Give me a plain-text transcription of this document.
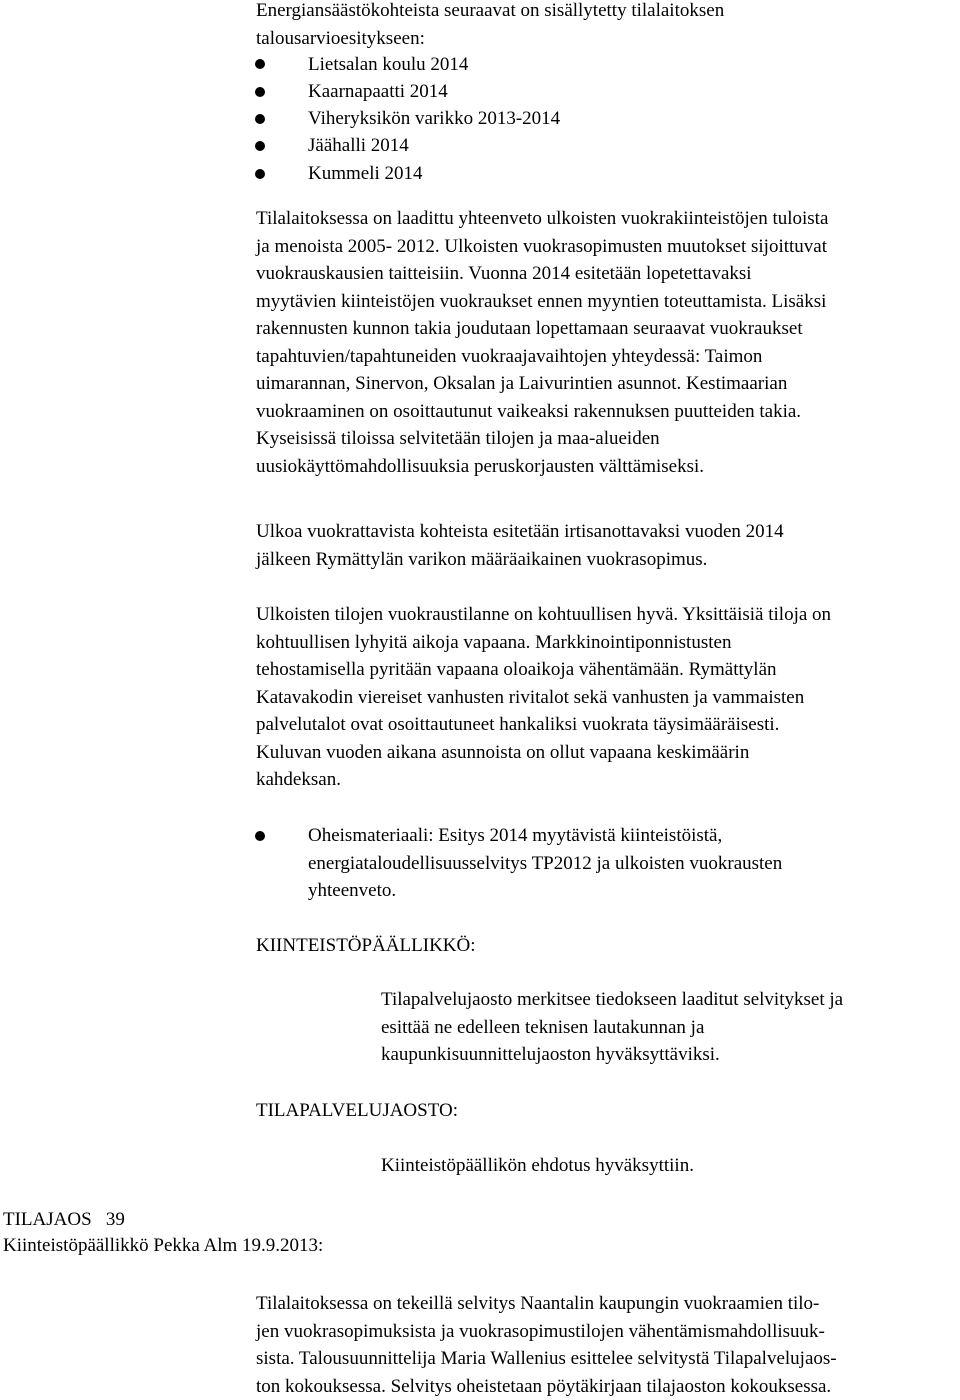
Energiansäästökohteista seuraavat on sisällytetty tilalaitoksen
talousarvioesitykseen:

Lietsalan koulu 2014

Kaarnapaatti 2014

Viheryksikön varikko 2013-2014

Jäähalli 2014

Kummeli 2014

Tilalaitoksessa on laadittu yhteenveto ulkoisten vuokrakiinteistöjen tuloista
ja menoista 2005- 2012. Ulkoisten vuokrasopimusten muutokset sijoittuvat
vuokrauskausien taitteisiin. Vuonna 2014 esitetään lopetettavaksi
myytävien kiinteistöjen vuokraukset ennen myyntien toteuttamista. Lisäksi
rakennusten kunnon takia joudutaan lopettamaan seuraavat vuokraukset
tapahtuvien/tapahtuneiden vuokraajavaihtojen yhteydessä: Taimon
uimarannan, Sinervon, Oksalan ja Laivurintien asunnot. Kestimaarian
vuokraaminen on osoittautunut vaikeaksi rakennuksen puutteiden takia.
Kyseisissä tiloissa selvitetään tilojen ja maa-alueiden
uusiokäyttömahdollisuuksia peruskorjausten välttämiseksi.
Ulkoa vuokrattavista kohteista esitetään irtisanottavaksi vuoden 2014
jälkeen Rymättylän varikon määräaikainen vuokrasopimus.
Ulkoisten tilojen vuokraustilanne on kohtuullisen hyvä. Yksittäisiä tiloja on
kohtuullisen lyhyitä aikoja vapaana. Markkinointiponnistusten
tehostamisella pyritään vapaana oloaikoja vähentämään. Rymättylän
Katavakodin viereiset vanhusten rivitalot sekä vanhusten ja vammaisten
palvelutalot ovat osoittautuneet hankaliksi vuokrata täysimääräisesti.
Kuluvan vuoden aikana asunnoista on ollut vapaana keskimäärin
kahdeksan.
Oheismateriaali: Esitys 2014 myytävistä kiinteistöistä,
energiataloudellisuusselvitys TP2012 ja ulkoisten vuokrausten
yhteenveto.

KIINTEISTÖPÄÄLLIKKÖ:

Tilapalvelujaosto merkitsee tiedokseen laaditut selvitykset ja
esittää ne edelleen teknisen lautakunnan ja
kaupunkisuunnittelujaoston hyväksyttäviksi.

TILAPALVELUJAOSTO:

Kiinteistöpäällikön ehdotus hyväksyttiin.
TILAJAOS 39
Kiinteistöpäällikkö Pekka Alm 19.9.2013:
Tilalaitoksessa on tekeillä selvitys Naantalin kaupungin vuokraamien tilo-
jen vuokrasopimuksista ja vuokrasopimustilojen vähentämismahdollisuuk-
sista. Talousuunnittelija Maria Wallenius esittelee selvitystä Tilapalvelujaos-
ton kokouksessa. Selvitys oheistetaan pöytäkirjaan tilajaoston kokouksessa.
